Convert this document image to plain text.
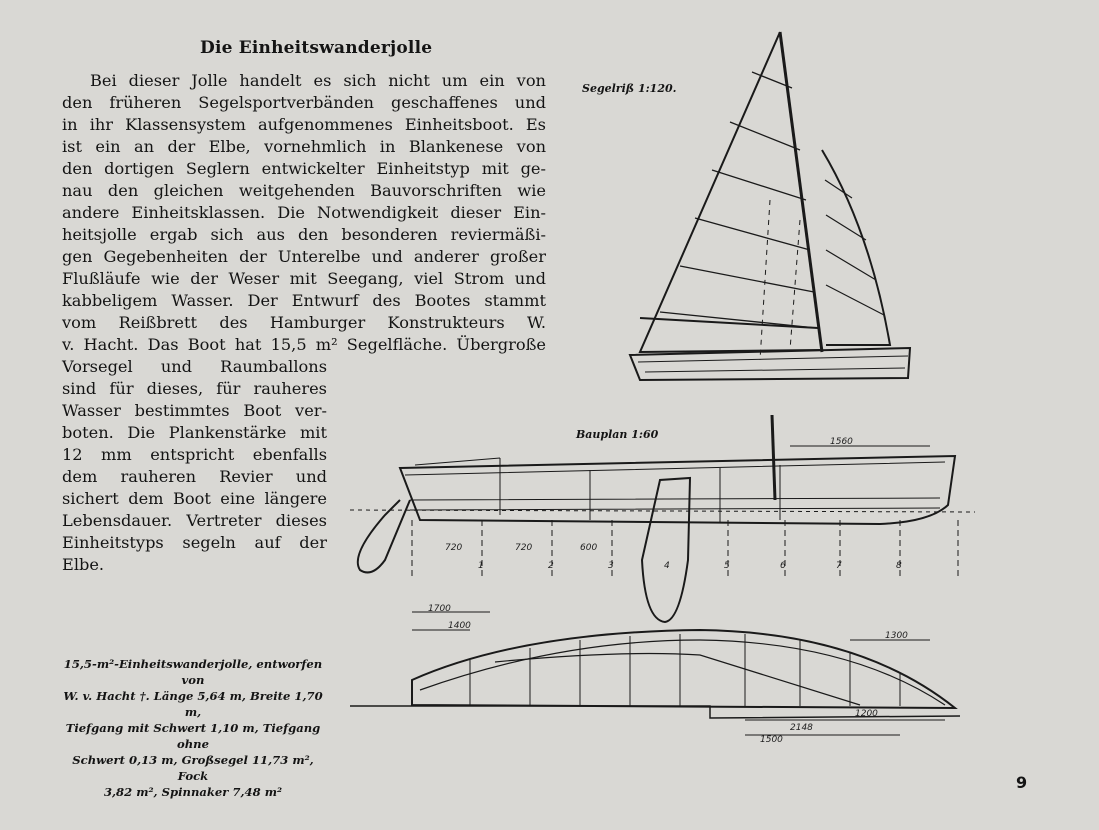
Die Einheitswanderjolle
Bei dieser Jolle handelt es sich nicht um ein von
den früheren Segelsportverbänden geschaffenes und
in ihr Klassensystem aufgenommenes Einheitsboot. Es
ist ein an der Elbe, vornehmlich in Blankenese von
den dortigen Seglern entwickelter Einheitstyp mit ge-
nau den gleichen weitgehenden Bauvorschriften wie
andere Einheitsklassen. Die Notwendigkeit dieser Ein-
heitsjolle ergab sich aus den besonderen reviermäßi-
gen Gegebenheiten der Unterelbe und anderer großer
Flußläufe wie der Weser mit Seegang, viel Strom und
kabbeligem Wasser. Der Entwurf des Bootes stammt
vom Reißbrett des Hamburger Konstrukteurs W.
v. Hacht. Das Boot hat 15,5 m² Segelfläche. Übergroße
Vorsegel und Raumballons
sind für dieses, für rauheres
Wasser bestimmtes Boot ver-
boten. Die Plankenstärke mit
12 mm entspricht ebenfalls
dem rauheren Revier und
sichert dem Boot eine längere
Lebensdauer. Vertreter dieses
Einheitstyps segeln auf der
Elbe.
Segelriß 1:120.
Bauplan 1:60
1	2	3	4	5	6	7	8
720	720	600
1560
1700
1200
2148
1500
1300
1400
15,5-m²-Einheitswanderjolle, entworfen von
W. v. Hacht †. Länge 5,64 m, Breite 1,70 m,
Tiefgang mit Schwert 1,10 m, Tiefgang ohne
Schwert 0,13 m, Großsegel 11,73 m², Fock
3,82 m², Spinnaker 7,48 m²	9
